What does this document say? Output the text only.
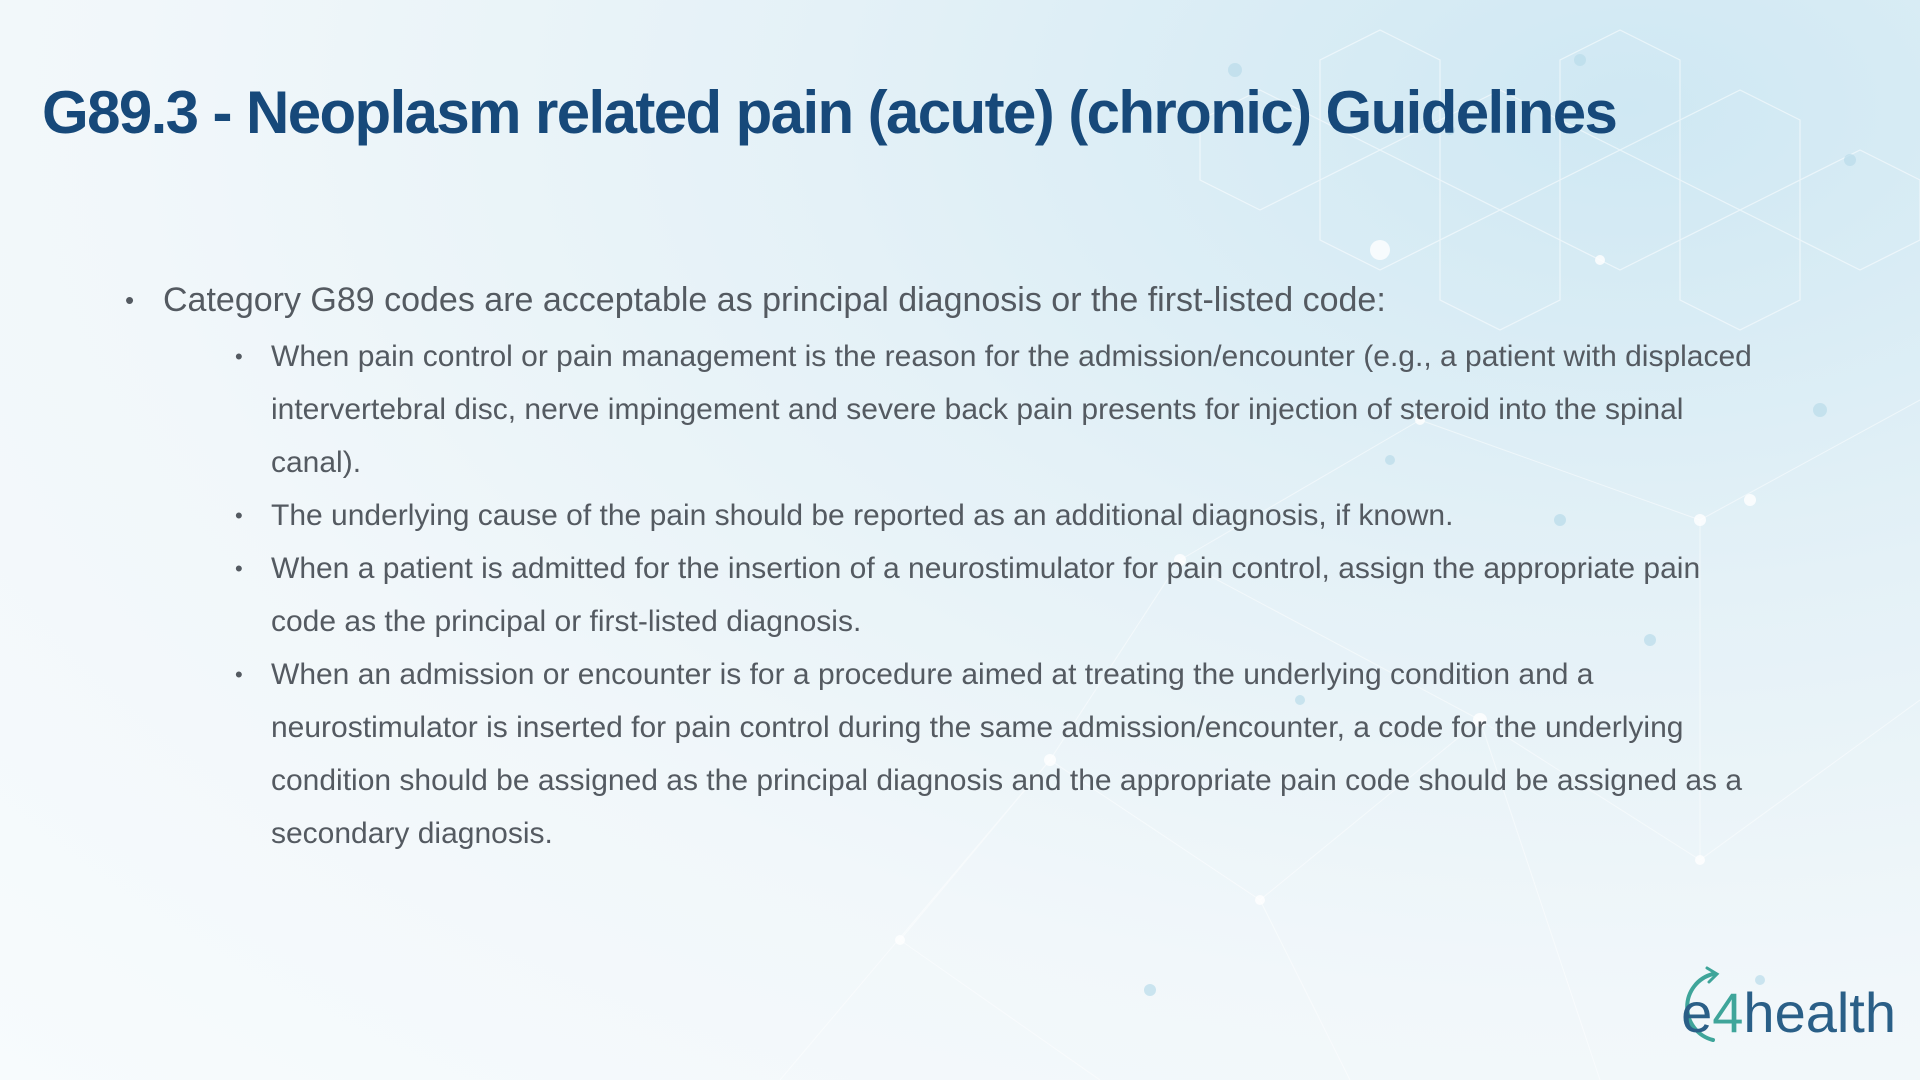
G89.3 - Neoplasm related pain (acute) (chronic) Guidelines
• Category G89 codes are acceptable as principal diagnosis or the first-listed code:
• When pain control or pain management is the reason for the admission/encounter (e.g., a patient with displaced intervertebral disc, nerve impingement and severe back pain presents for injection of steroid into the spinal canal).
• The underlying cause of the pain should be reported as an additional diagnosis, if known.
• When a patient is admitted for the insertion of a neurostimulator for pain control, assign the appropriate pain code as the principal or first-listed diagnosis.
• When an admission or encounter is for a procedure aimed at treating the underlying condition and a neurostimulator is inserted for pain control during the same admission/encounter, a code for the underlying condition should be assigned as the principal diagnosis and the appropriate pain code should be assigned as a secondary diagnosis.
e4health
